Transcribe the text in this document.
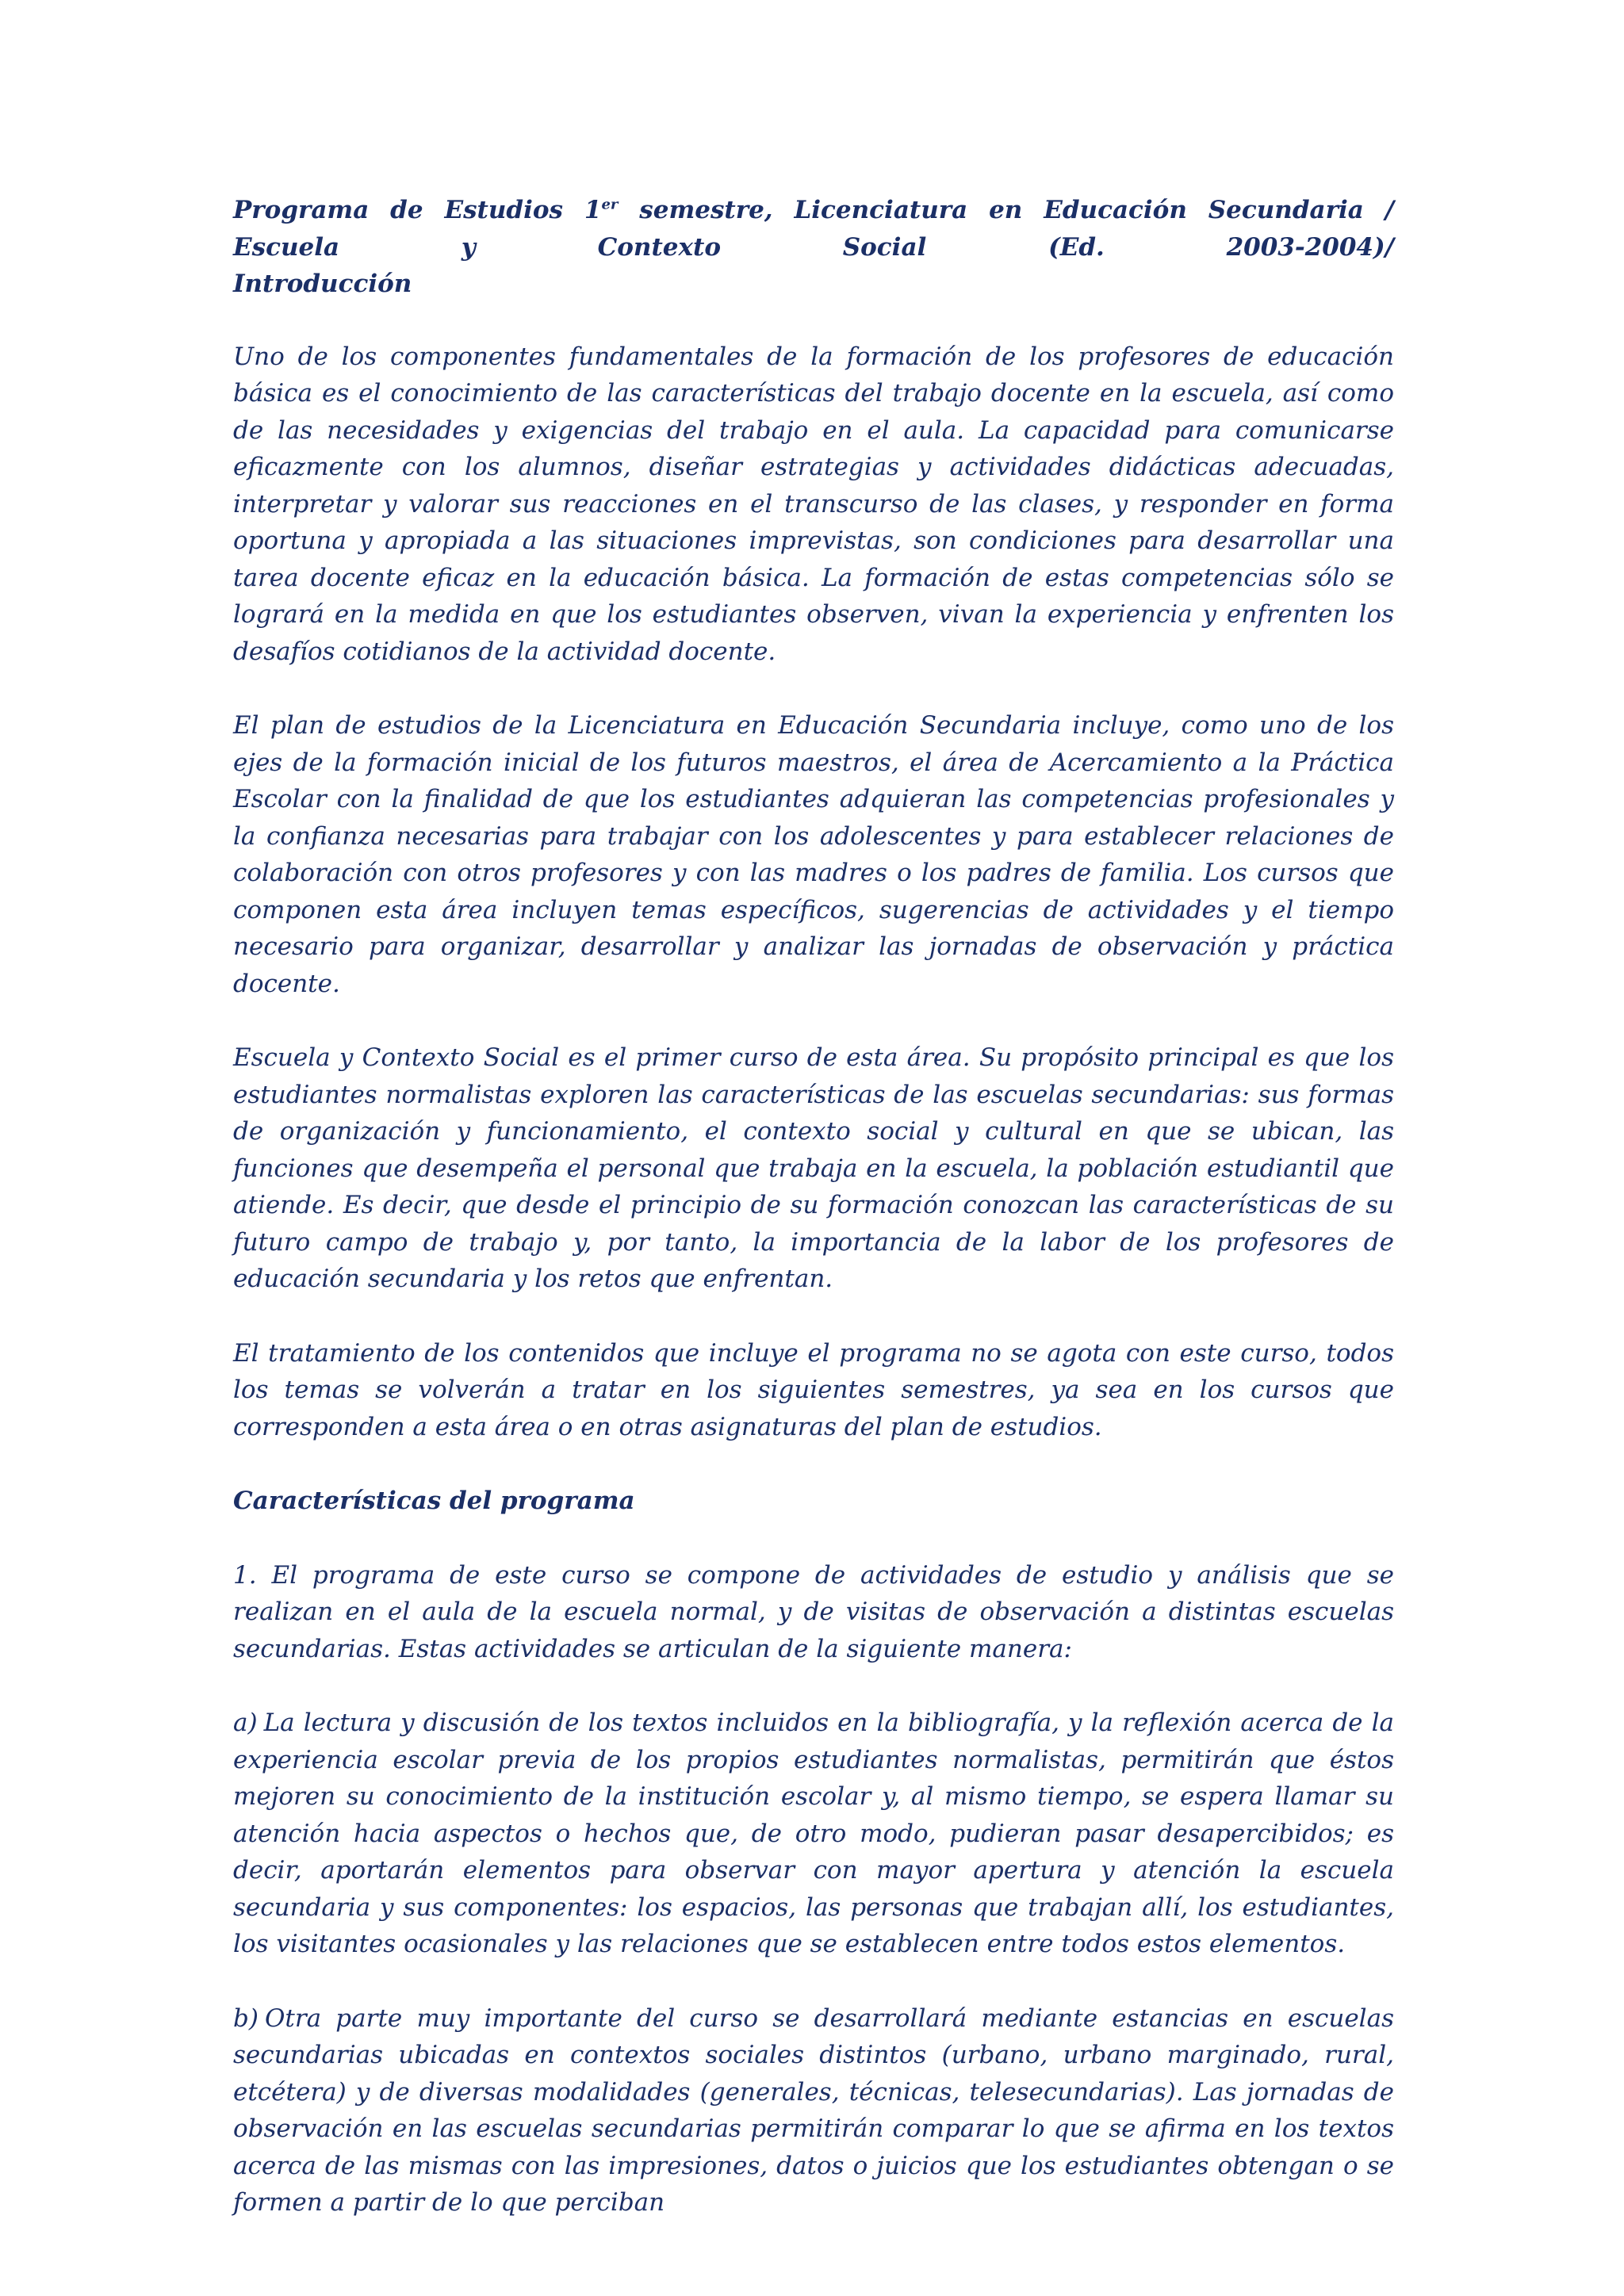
Programa de Estudios 1er semestre, Licenciatura en Educación Secundaria / Escuela y Contexto Social (Ed. 2003-2004)/
Introducción

Uno de los componentes fundamentales de la formación de los profesores de educación básica es el conocimiento de las características del trabajo docente en la escuela, así como de las necesidades y exigencias del trabajo en el aula. La capacidad para comunicarse eficazmente con los alumnos, diseñar estrategias y actividades didácticas adecuadas, interpretar y valorar sus reacciones en el transcurso de las clases, y responder en forma oportuna y apropiada a las situaciones imprevistas, son condiciones para desarrollar una tarea docente eficaz en la educación básica. La formación de estas competencias sólo se logrará en la medida en que los estudiantes observen, vivan la experiencia y enfrenten los desafíos cotidianos de la actividad docente.

El plan de estudios de la Licenciatura en Educación Secundaria incluye, como uno de los ejes de la formación inicial de los futuros maestros, el área de Acercamiento a la Práctica Escolar con la finalidad de que los estudiantes adquieran las competencias profesionales y la confianza necesarias para trabajar con los adolescentes y para establecer relaciones de colaboración con otros profesores y con las madres o los padres de familia. Los cursos que componen esta área incluyen temas específicos, sugerencias de actividades y el tiempo necesario para organizar, desarrollar y analizar las jornadas de observación y práctica docente.

Escuela y Contexto Social es el primer curso de esta área. Su propósito principal es que los estudiantes normalistas exploren las características de las escuelas secundarias: sus formas de organización y funcionamiento, el contexto social y cultural en que se ubican, las funciones que desempeña el personal que trabaja en la escuela, la población estudiantil que atiende. Es decir, que desde el principio de su formación conozcan las características de su futuro campo de trabajo y, por tanto, la importancia de la labor de los profesores de educación secundaria y los retos que enfrentan.

El tratamiento de los contenidos que incluye el programa no se agota con este curso, todos los temas se volverán a tratar en los siguientes semestres, ya sea en los cursos que corresponden a esta área o en otras asignaturas del plan de estudios.

Características del programa

1. El programa de este curso se compone de actividades de estudio y análisis que se realizan en el aula de la escuela normal, y de visitas de observación a distintas escuelas secundarias. Estas actividades se articulan de la siguiente manera:

a) La lectura y discusión de los textos incluidos en la bibliografía, y la reflexión acerca de la experiencia escolar previa de los propios estudiantes normalistas, permitirán que éstos mejoren su conocimiento de la institución escolar y, al mismo tiempo, se espera llamar su atención hacia aspectos o hechos que, de otro modo, pudieran pasar desapercibidos; es decir, aportarán elementos para observar con mayor apertura y atención la escuela secundaria y sus componentes: los espacios, las personas que trabajan allí, los estudiantes, los visitantes ocasionales y las relaciones que se establecen entre todos estos elementos.

b) Otra parte muy importante del curso se desarrollará mediante estancias en escuelas secundarias ubicadas en contextos sociales distintos (urbano, urbano marginado, rural, etcétera) y de diversas modalidades (generales, técnicas, telesecundarias). Las jornadas de observación en las escuelas secundarias permitirán comparar lo que se afirma en los textos acerca de las mismas con las impresiones, datos o juicios que los estudiantes obtengan o se formen a partir de lo que perciban
